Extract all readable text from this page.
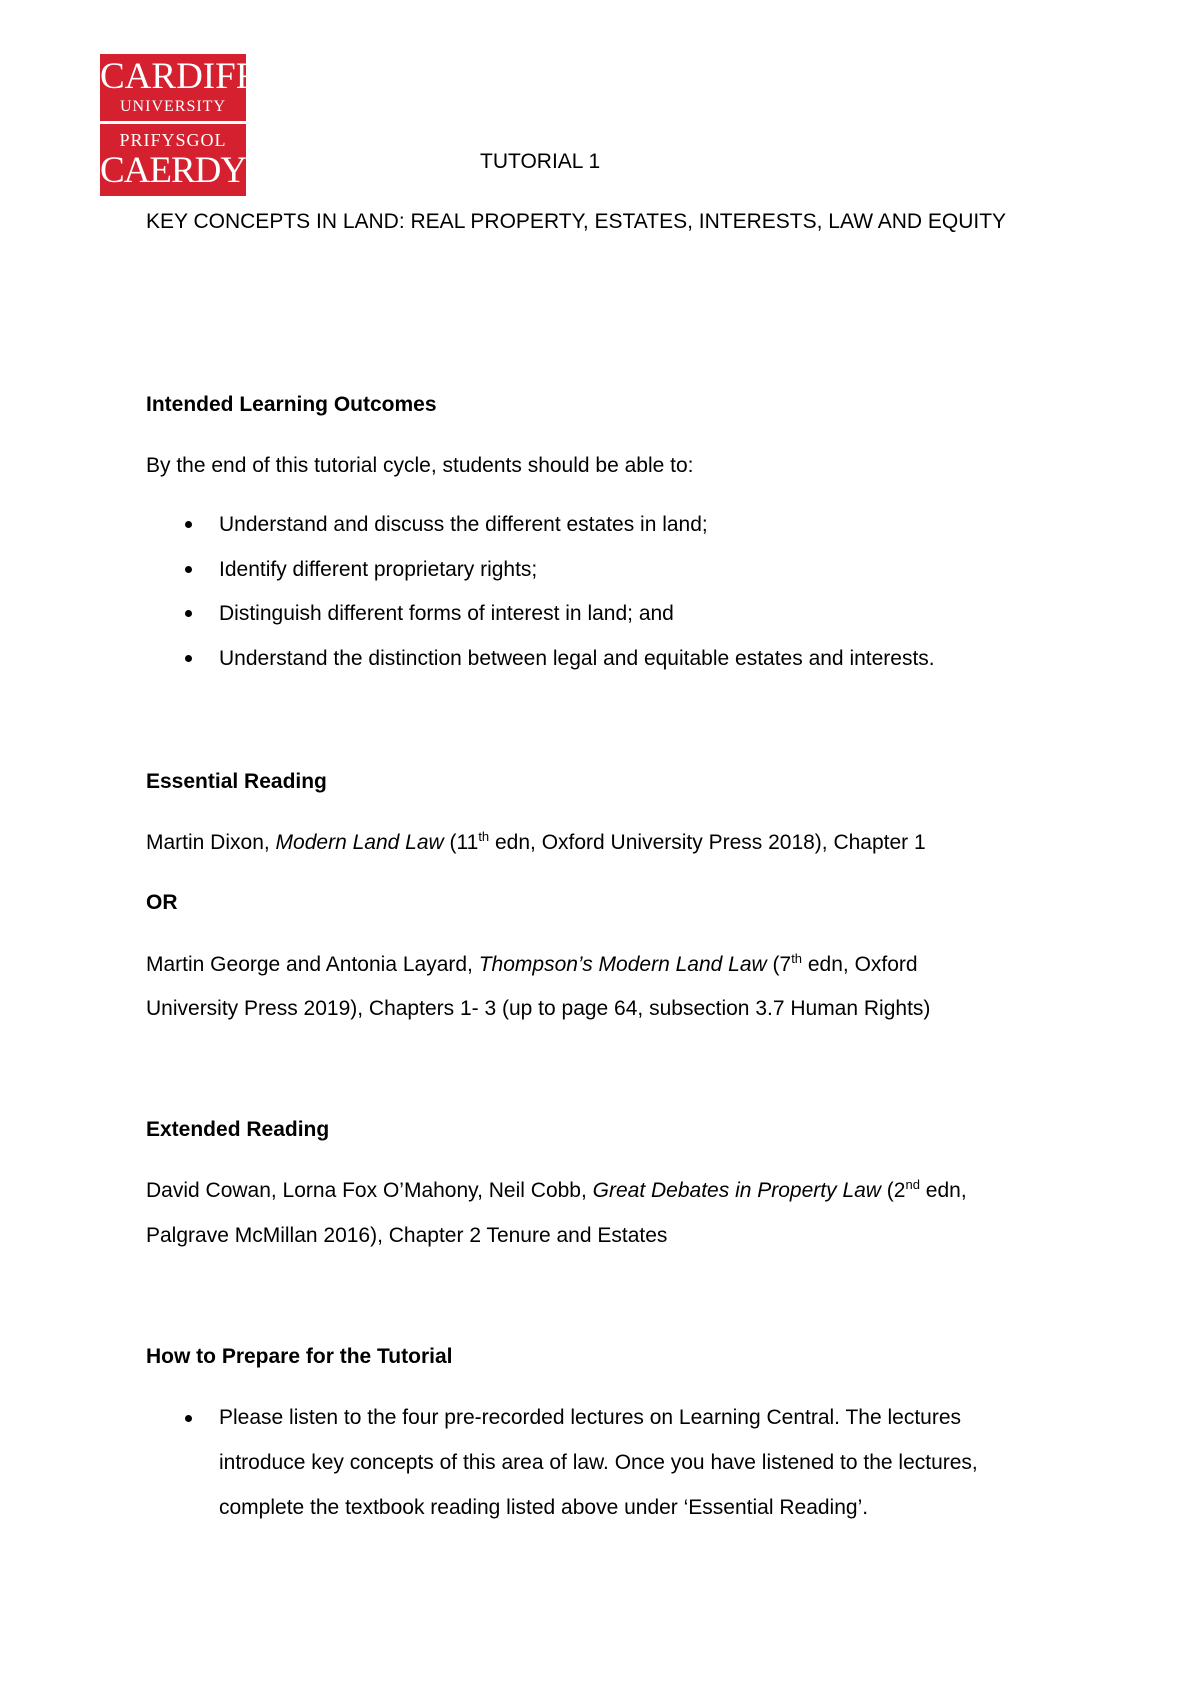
CARDIFF
UNIVERSITY
PRIFYSGOL
CAERDYDD	TUTORIAL 1
KEY CONCEPTS IN LAND: REAL PROPERTY, ESTATES, INTERESTS, LAW AND EQUITY
Intended Learning Outcomes
By the end of this tutorial cycle, students should be able to:
Understand and discuss the different estates in land;
Identify different proprietary rights;
Distinguish different forms of interest in land; and
Understand the distinction between legal and equitable estates and interests.
Essential Reading
Martin Dixon, Modern Land Law (11th edn, Oxford University Press 2018), Chapter 1
OR
Martin George and Antonia Layard, Thompson’s Modern Land Law (7th edn, Oxford
University Press 2019), Chapters 1- 3 (up to page 64, subsection 3.7 Human Rights)
Extended Reading
David Cowan, Lorna Fox O’Mahony, Neil Cobb, Great Debates in Property Law (2nd edn,
Palgrave McMillan 2016), Chapter 2 Tenure and Estates
How to Prepare for the Tutorial
Please listen to the four pre-recorded lectures on Learning Central. The lectures
introduce key concepts of this area of law. Once you have listened to the lectures,
complete the textbook reading listed above under ‘Essential Reading’.
